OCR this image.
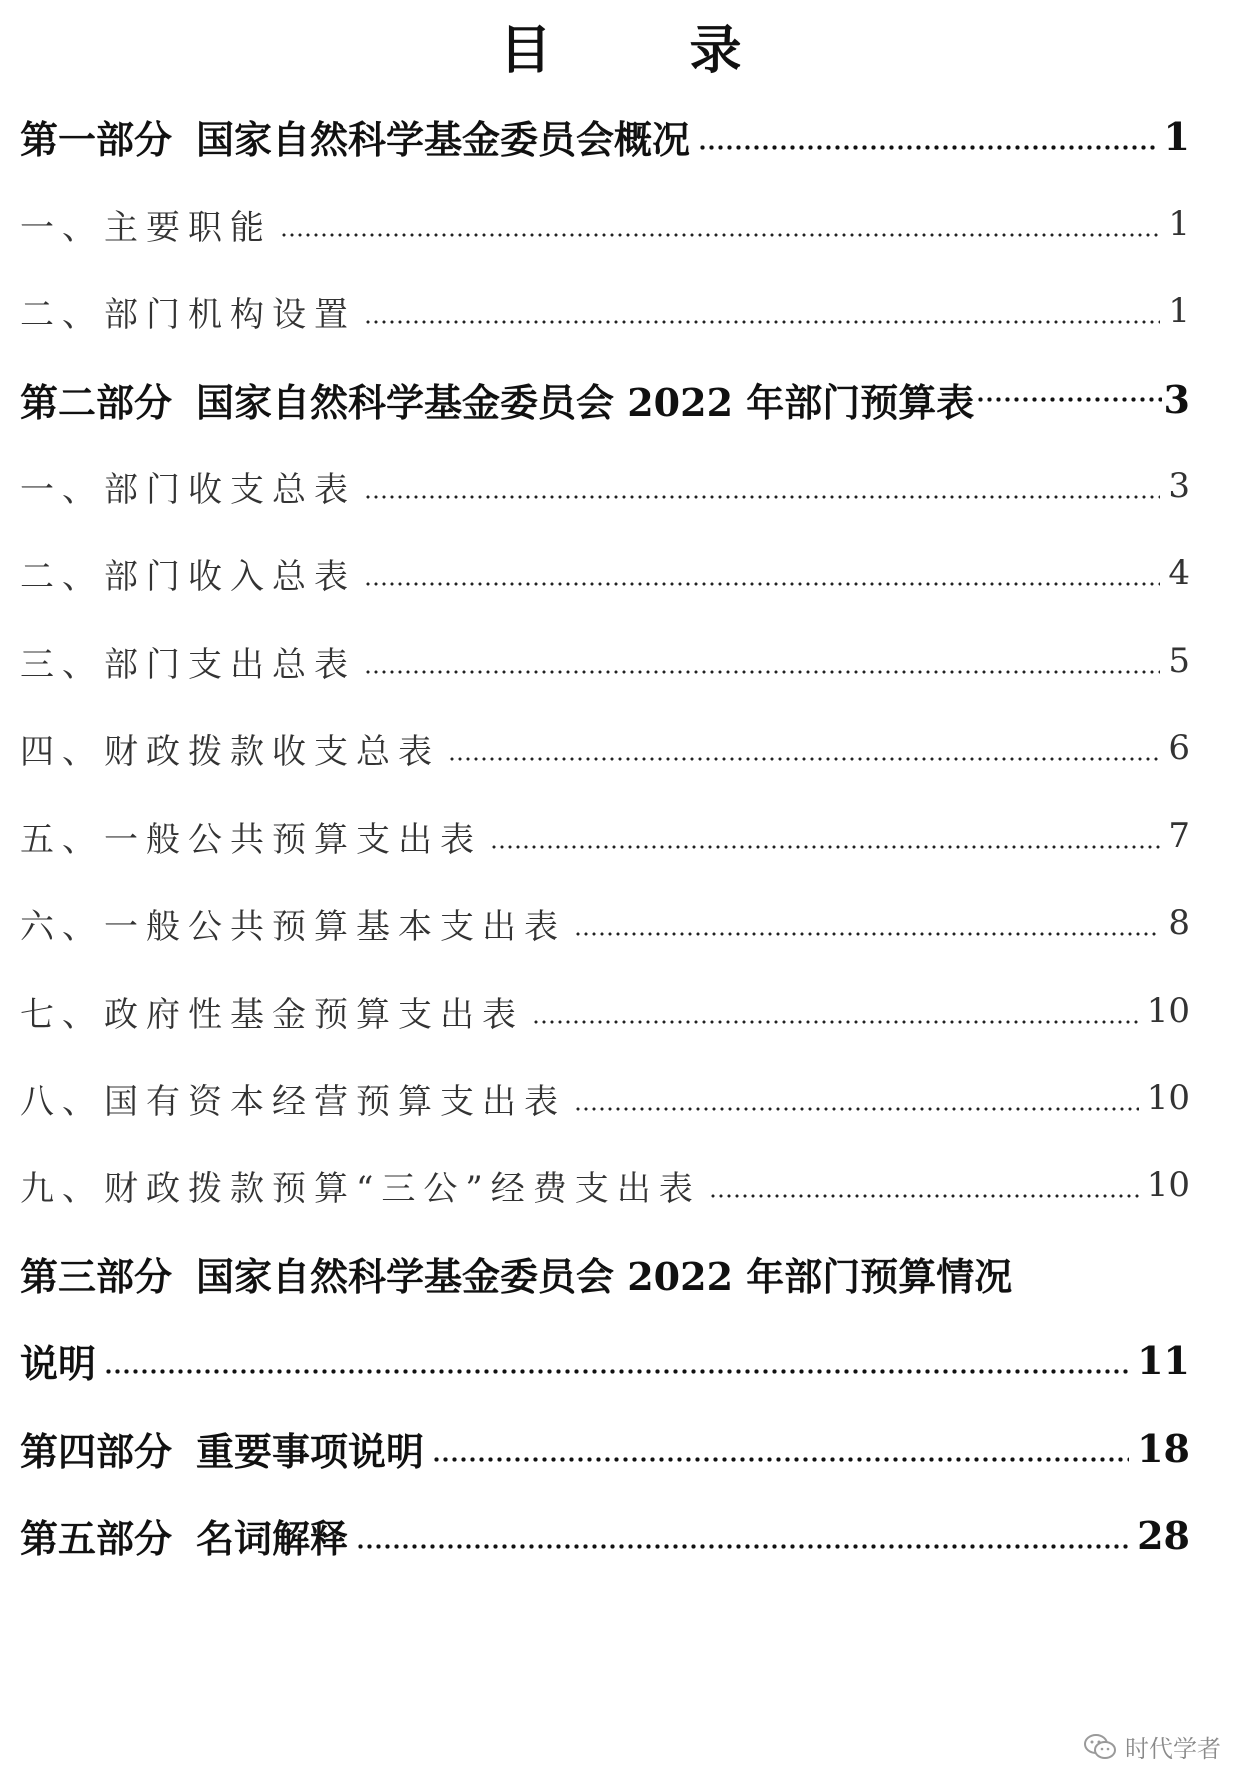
目 录
第一部分 国家自然科学基金委员会概况	1
一、主要职能	1
二、部门机构设置	1
第二部分 国家自然科学基金委员会 2022 年部门预算表	3
一、部门收支总表	3
二、部门收入总表	4
三、部门支出总表	5
四、财政拨款收支总表	6
五、一般公共预算支出表	7
六、一般公共预算基本支出表	8
七、政府性基金预算支出表	10
八、国有资本经营预算支出表	10
九、财政拨款预算“三公”经费支出表	10
第三部分 国家自然科学基金委员会 2022 年部门预算情况
说明	11
第四部分 重要事项说明	18
第五部分 名词解释	28
时代学者
